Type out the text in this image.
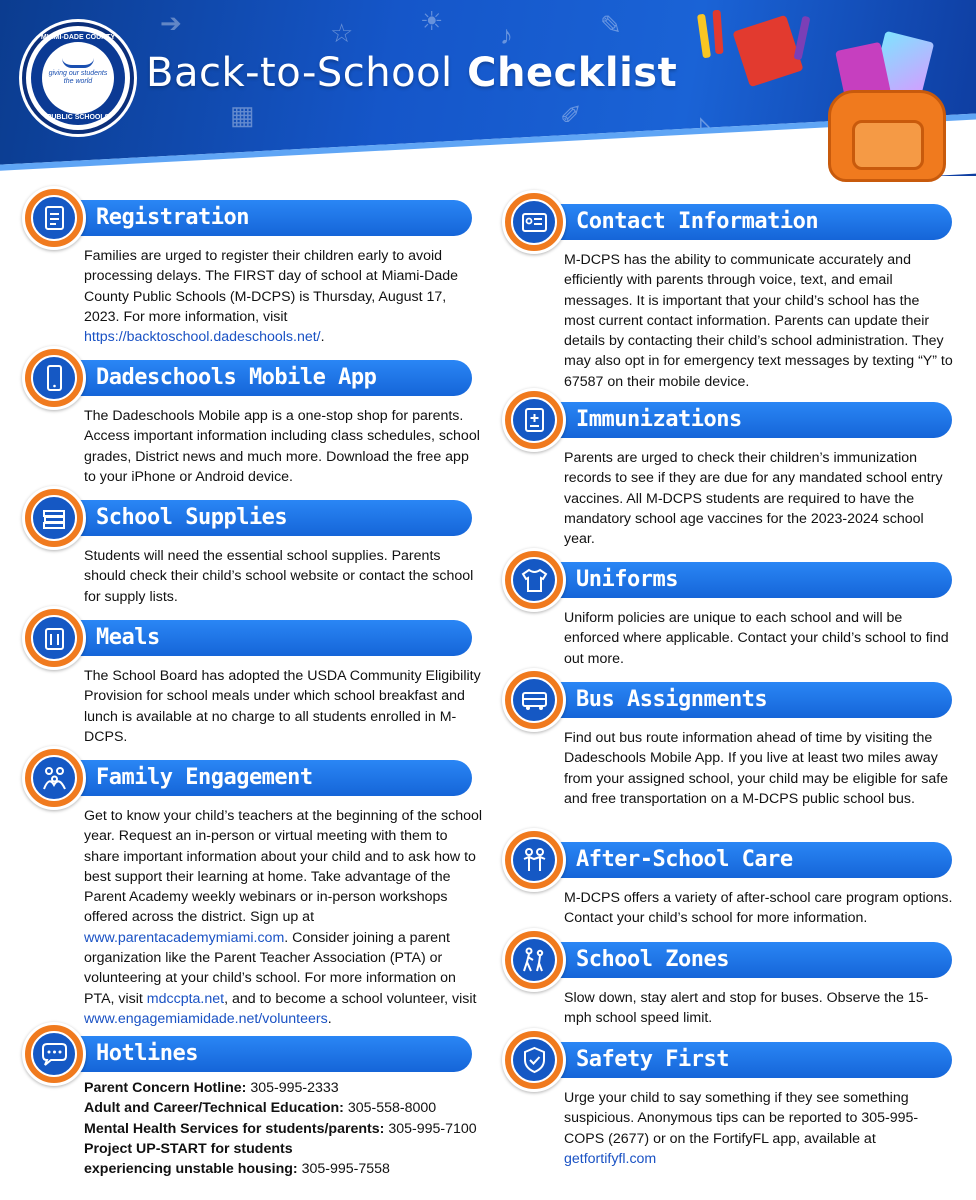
➔	☆	☀ ♪	✎
▦	✐	◺
MIAMI-DADE COUNTY
giving our students the world
PUBLIC SCHOOLS
Back-to-School Checklist
Registration
Families are urged to register their children early to avoid processing delays. The FIRST day of school at Miami-Dade County Public Schools (M-DCPS) is Thursday, August 17, 2023. For more information, visit https://backtoschool.dadeschools.net/.
Dadeschools Mobile App
The Dadeschools Mobile app is a one-stop shop for parents. Access important information including class schedules, school grades, District news and much more. Download the free app to your iPhone or Android device.
School Supplies
Students will need the essential school supplies. Parents should check their child’s school website or contact the school for supply lists.
Meals
The School Board has adopted the USDA Community Eligibility Provision for school meals under which school breakfast and lunch is available at no charge to all students enrolled in M-DCPS.
Family Engagement
Get to know your child’s teachers at the beginning of the school year. Request an in-person or virtual meeting with them to share important information about your child and to ask how to best support their learning at home. Take advantage of the Parent Academy weekly webinars or in-person workshops offered across the district. Sign up at www.parentacademymiami.com. Consider joining a parent organization like the Parent Teacher Association (PTA) or volunteering at your child’s school. For more information on PTA, visit mdccpta.net, and to become a school volunteer, visit www.engagemiamidade.net/volunteers.
Hotlines
Parent Concern Hotline: 305-995-2333
Adult and Career/Technical Education: 305-558-8000
Mental Health Services for students/parents: 305-995-7100
Project UP-START for students
experiencing unstable housing: 305-995-7558
Contact Information
M-DCPS has the ability to communicate accurately and efficiently with parents through voice, text, and email messages. It is important that your child’s school has the most current contact information. Parents can update their details by contacting their child’s school administration. They may also opt in for emergency text messages by texting “Y” to 67587 on their mobile device.
Immunizations
Parents are urged to check their children’s immunization records to see if they are due for any mandated school entry vaccines. All M-DCPS students are required to have the mandatory school age vaccines for the 2023-2024 school year.
Uniforms
Uniform policies are unique to each school and will be enforced where applicable. Contact your child’s school to find out more.
Bus Assignments
Find out bus route information ahead of time by visiting the Dadeschools Mobile App. If you live at least two miles away from your assigned school, your child may be eligible for safe and free transportation on a M-DCPS public school bus.
After-School Care
M-DCPS offers a variety of after-school care program options. Contact your child’s school for more information.
School Zones
Slow down, stay alert and stop for buses. Observe the 15-mph school speed limit.
Safety First
Urge your child to say something if they see something suspicious. Anonymous tips can be reported to 305-995-COPS (2677) or on the FortifyFL app, available at getfortifyfl.com
